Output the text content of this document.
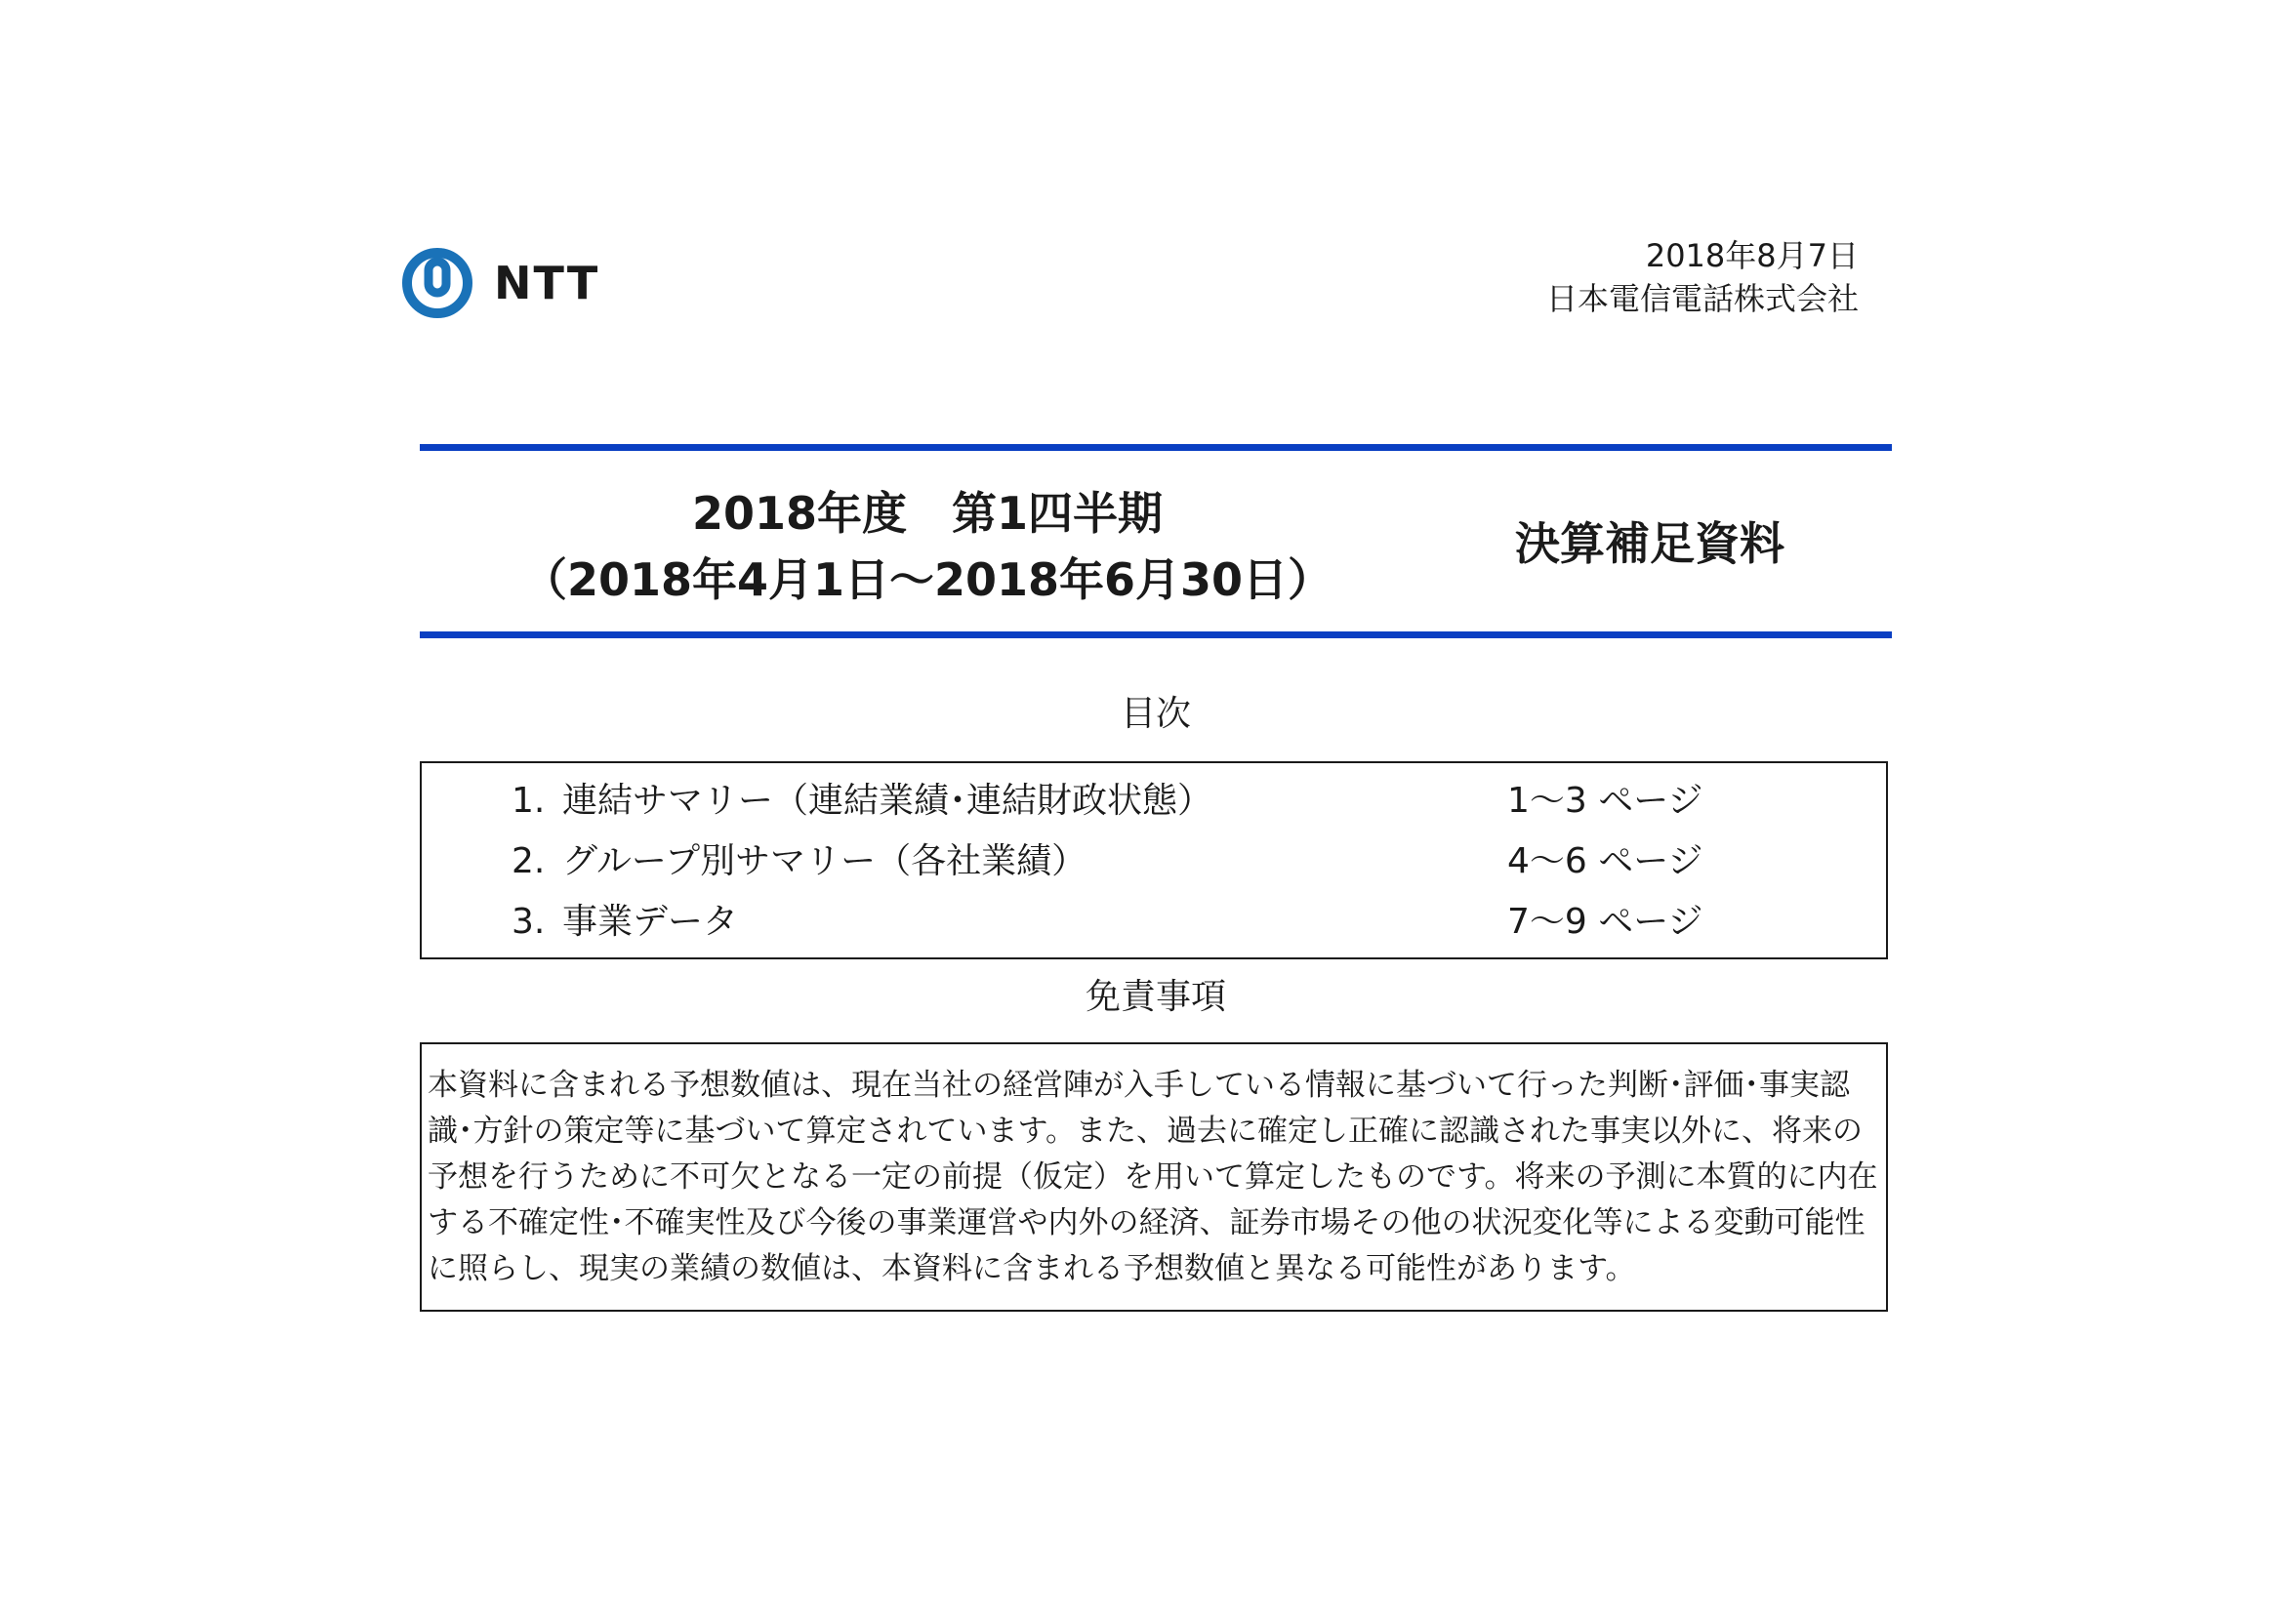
NTT
2018年8月7日
日本電信電話株式会社
2018年度　第1四半期
（2018年4月1日～2018年6月30日）
決算補足資料
目次
1. 連結サマリー（連結業績･連結財政状態）	1～3 ページ
2. グループ別サマリー（各社業績）	4～6 ページ
3. 事業データ	7～9 ページ
免責事項
本資料に含まれる予想数値は、現在当社の経営陣が入手している情報に基づいて行った判断･評価･事実認識･方針の策定等に基づいて算定されています。また、過去に確定し正確に認識された事実以外に、将来の予想を行うために不可欠となる一定の前提（仮定）を用いて算定したものです。将来の予測に本質的に内在する不確定性･不確実性及び今後の事業運営や内外の経済、証券市場その他の状況変化等による変動可能性に照らし、現実の業績の数値は、本資料に含まれる予想数値と異なる可能性があります。
